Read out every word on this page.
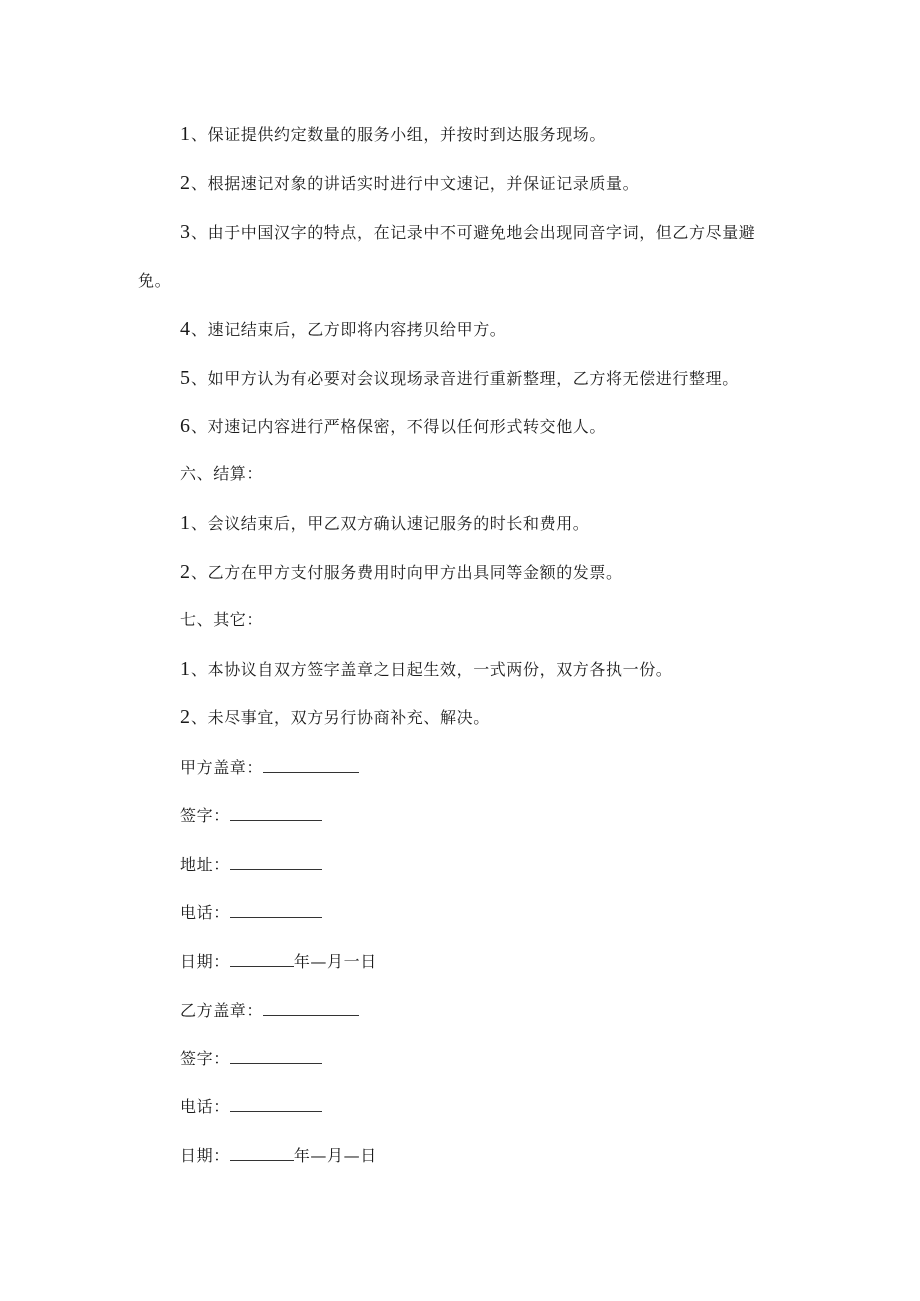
1、保证提供约定数量的服务小组，并按时到达服务现场。
2、根据速记对象的讲话实时进行中文速记，并保证记录质量。
3、由于中国汉字的特点，在记录中不可避免地会出现同音字词，但乙方尽量避
免。
4、速记结束后，乙方即将内容拷贝给甲方。
5、如甲方认为有必要对会议现场录音进行重新整理，乙方将无偿进行整理。
6、对速记内容进行严格保密，不得以任何形式转交他人。
六、结算：
1、会议结束后，甲乙双方确认速记服务的时长和费用。
2、乙方在甲方支付服务费用时向甲方出具同等金额的发票。
七、其它：
1、本协议自双方签字盖章之日起生效，一式两份，双方各执一份。
2、未尽事宜，双方另行协商补充、解决。
甲方盖章：
签字：
地址：
电话：
日期：	年—月一日
乙方盖章：
签字：
电话：
日期：	年—月—日
